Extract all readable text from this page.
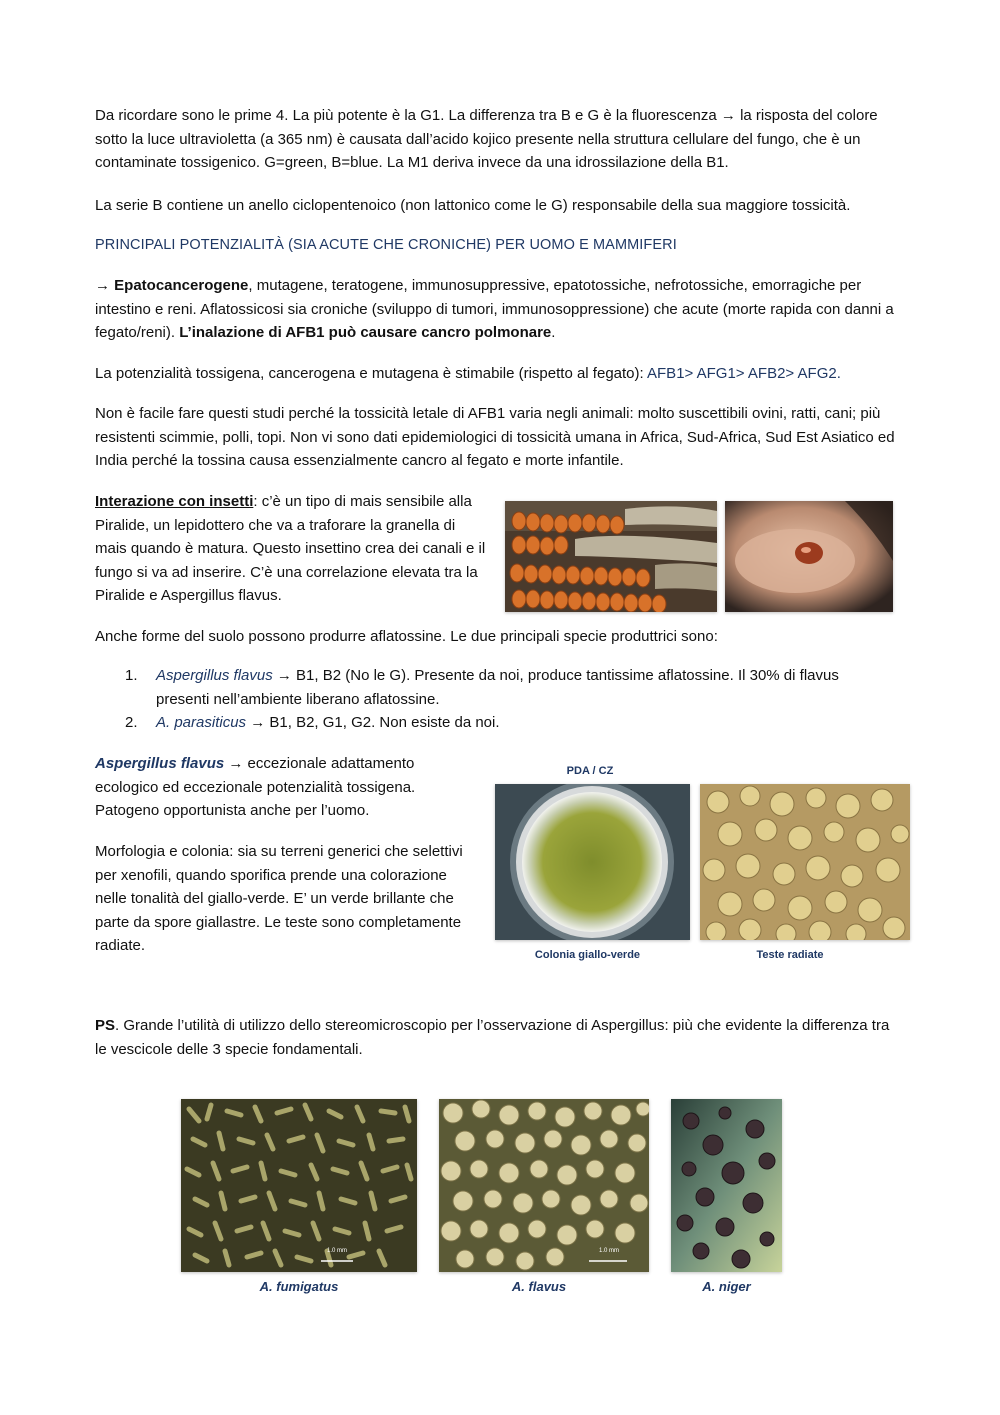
Da ricordare sono le prime 4. La più potente è la G1. La differenza tra B e G è la fluorescenza → la risposta del colore sotto la luce ultravioletta (a 365 nm) è causata dall’acido kojico presente nella struttura cellulare del fungo, che è un contaminate tossigenico. G=green, B=blue. La M1 deriva invece da una idrossilazione della B1.

La serie B contiene un anello ciclopentenoico (non lattonico come le G) responsabile della sua maggiore tossicità.

PRINCIPALI POTENZIALITÀ (SIA ACUTE CHE CRONICHE) PER UOMO E MAMMIFERI

→ Epatocancerogene, mutagene, teratogene, immunosuppressive, epatotossiche, nefrotossiche, emorragiche per intestino e reni. Aflatossicosi sia croniche (sviluppo di tumori, immunosoppressione) che acute (morte rapida con danni a fegato/reni). L’inalazione di AFB1 può causare cancro polmonare.

La potenzialità tossigena, cancerogena e mutagena è stimabile (rispetto al fegato): AFB1> AFG1> AFB2> AFG2.

Non è facile fare questi studi perché la tossicità letale di AFB1 varia negli animali: molto suscettibili ovini, ratti, cani; più resistenti scimmie, polli, topi. Non vi sono dati epidemiologici di tossicità umana in Africa, Sud-Africa, Sud Est Asiatico ed India perché la tossina causa essenzialmente cancro al fegato e morte infantile.

Interazione con insetti: c’è un tipo di mais sensibile alla Piralide, un lepidottero che va a traforare la granella di mais quando è matura. Questo insettino crea dei canali e il fungo si va ad inserire. C’è una correlazione elevata tra la Piralide e Aspergillus flavus.

Anche forme del suolo possono produrre aflatossine. Le due principali specie produttrici sono:

1. Aspergillus flavus → B1, B2 (No le G). Presente da noi, produce tantissime aflatossine. Il 30% di flavus presenti nell’ambiente liberano aflatossine.
2. A. parasiticus → B1, B2, G1, G2. Non esiste da noi.

Aspergillus flavus → eccezionale adattamento ecologico ed eccezionale potenzialità tossigena. Patogeno opportunista anche per l’uomo.

Morfologia e colonia: sia su terreni generici che selettivi per xenofili, quando sporifica prende una colorazione nelle tonalità del giallo-verde. E’ un verde brillante che parte da spore giallastre. Le teste sono completamente radiate.

PS. Grande l’utilità di utilizzo dello stereomicroscopio per l’osservazione di Aspergillus: più che evidente la differenza tra le vescicole delle 3 specie fondamentali.

PDA / CZ
Colonia giallo-verde	Teste radiate
1.0 mm	1.0 mm
A. fumigatus	A. flavus	A. niger
